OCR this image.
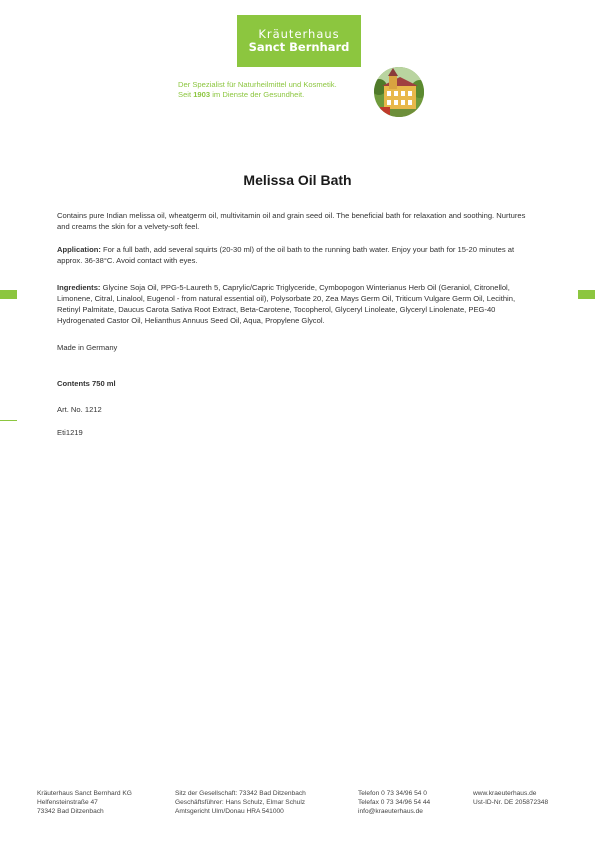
Kräuterhaus
Sanct Bernhard
Der Spezialist für Naturheilmittel und Kosmetik.
Seit 1903 im Dienste der Gesundheit.
Melissa Oil Bath

Contains pure Indian melissa oil, wheatgerm oil, multivitamin oil and grain seed oil. The beneficial bath for relaxation and soothing. Nurtures and creams the skin for a velvety-soft feel.

Application: For a full bath, add several squirts (20-30 ml) of the oil bath to the running bath water. Enjoy your bath for 15-20 minutes at approx. 36-38°C. Avoid contact with eyes.

Ingredients: Glycine Soja Oil, PPG-5-Laureth 5, Caprylic/Capric Triglyceride, Cymbopogon Winterianus Herb Oil (Geraniol, Citronellol, Limonene, Citral, Linalool, Eugenol - from natural essential oil), Polysorbate 20, Zea Mays Germ Oil, Triticum Vulgare Germ Oil, Lecithin, Retinyl Palmitate, Daucus Carota Sativa Root Extract, Beta-Carotene, Tocopherol, Glyceryl Linoleate, Glyceryl Linolenate, PEG-40 Hydrogenated Castor Oil, Helianthus Annuus Seed Oil, Aqua, Propylene Glycol.

Made in Germany

Contents 750 ml

Art. No. 1212

Eti1219

Kräuterhaus Sanct Bernhard KG
Helfensteinstraße 47
73342 Bad Ditzenbach
Sitz der Gesellschaft: 73342 Bad Ditzenbach
Geschäftsführer: Hans Schulz, Elmar Schulz
Amtsgericht Ulm/Donau HRA 541000
Telefon 0 73 34/96 54 0
Telefax 0 73 34/96 54 44
info@kraeuterhaus.de
www.kraeuterhaus.de
Ust-ID-Nr. DE 205872348
